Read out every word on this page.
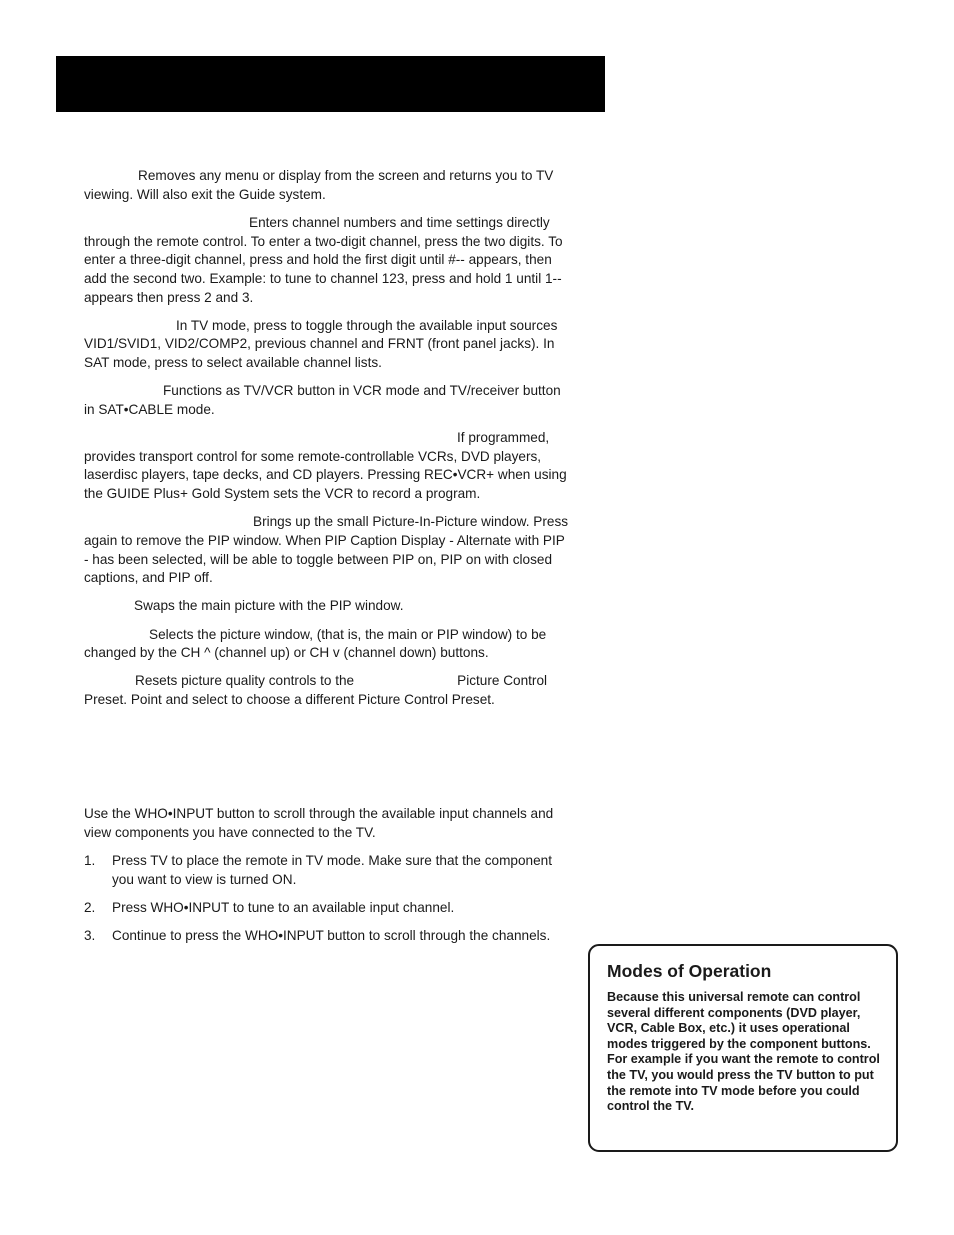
Removes any menu or display from the screen and returns you to TV viewing. Will also exit the Guide system.

Enters channel numbers and time settings directly through the remote control. To enter a two-digit channel, press the two digits. To enter a three-digit channel, press and hold the first digit until #-- appears, then add the second two. Example: to tune to channel 123, press and hold 1 until 1-- appears then press 2 and 3.

In TV mode, press to toggle through the available input sources VID1/SVID1, VID2/COMP2, previous channel and FRNT (front panel jacks). In SAT mode, press to select available channel lists.

Functions as TV/VCR button in VCR mode and TV/receiver button in SAT•CABLE mode.

If programmed, provides transport control for some remote-controllable VCRs, DVD players, laserdisc players, tape decks, and CD players. Pressing REC•VCR+ when using the GUIDE Plus+ Gold System sets the VCR to record a program.

Brings up the small Picture-In-Picture window. Press again to remove the PIP window. When PIP Caption Display - Alternate with PIP - has been selected, will be able to toggle between PIP on, PIP on with closed captions, and PIP off.

Swaps the main picture with the PIP window.

Selects the picture window, (that is, the main or PIP window) to be changed by the CH ^ (channel up) or CH v (channel down) buttons.

Resets picture quality controls to the	Picture Control Preset. Point and select to choose a different Picture Control Preset.

Use the WHO•INPUT button to scroll through the available input channels and view components you have connected to the TV.

1. Press TV to place the remote in TV mode. Make sure that the component you want to view is turned ON.
2. Press WHO•INPUT to tune to an available input channel.
3. Continue to press the WHO•INPUT button to scroll through the channels.

Modes of Operation

Because this universal remote can control several different components (DVD player, VCR, Cable Box, etc.) it uses operational modes triggered by the component buttons. For example if you want the remote to control the TV, you would press the TV button to put the remote into TV mode before you could control the TV.
